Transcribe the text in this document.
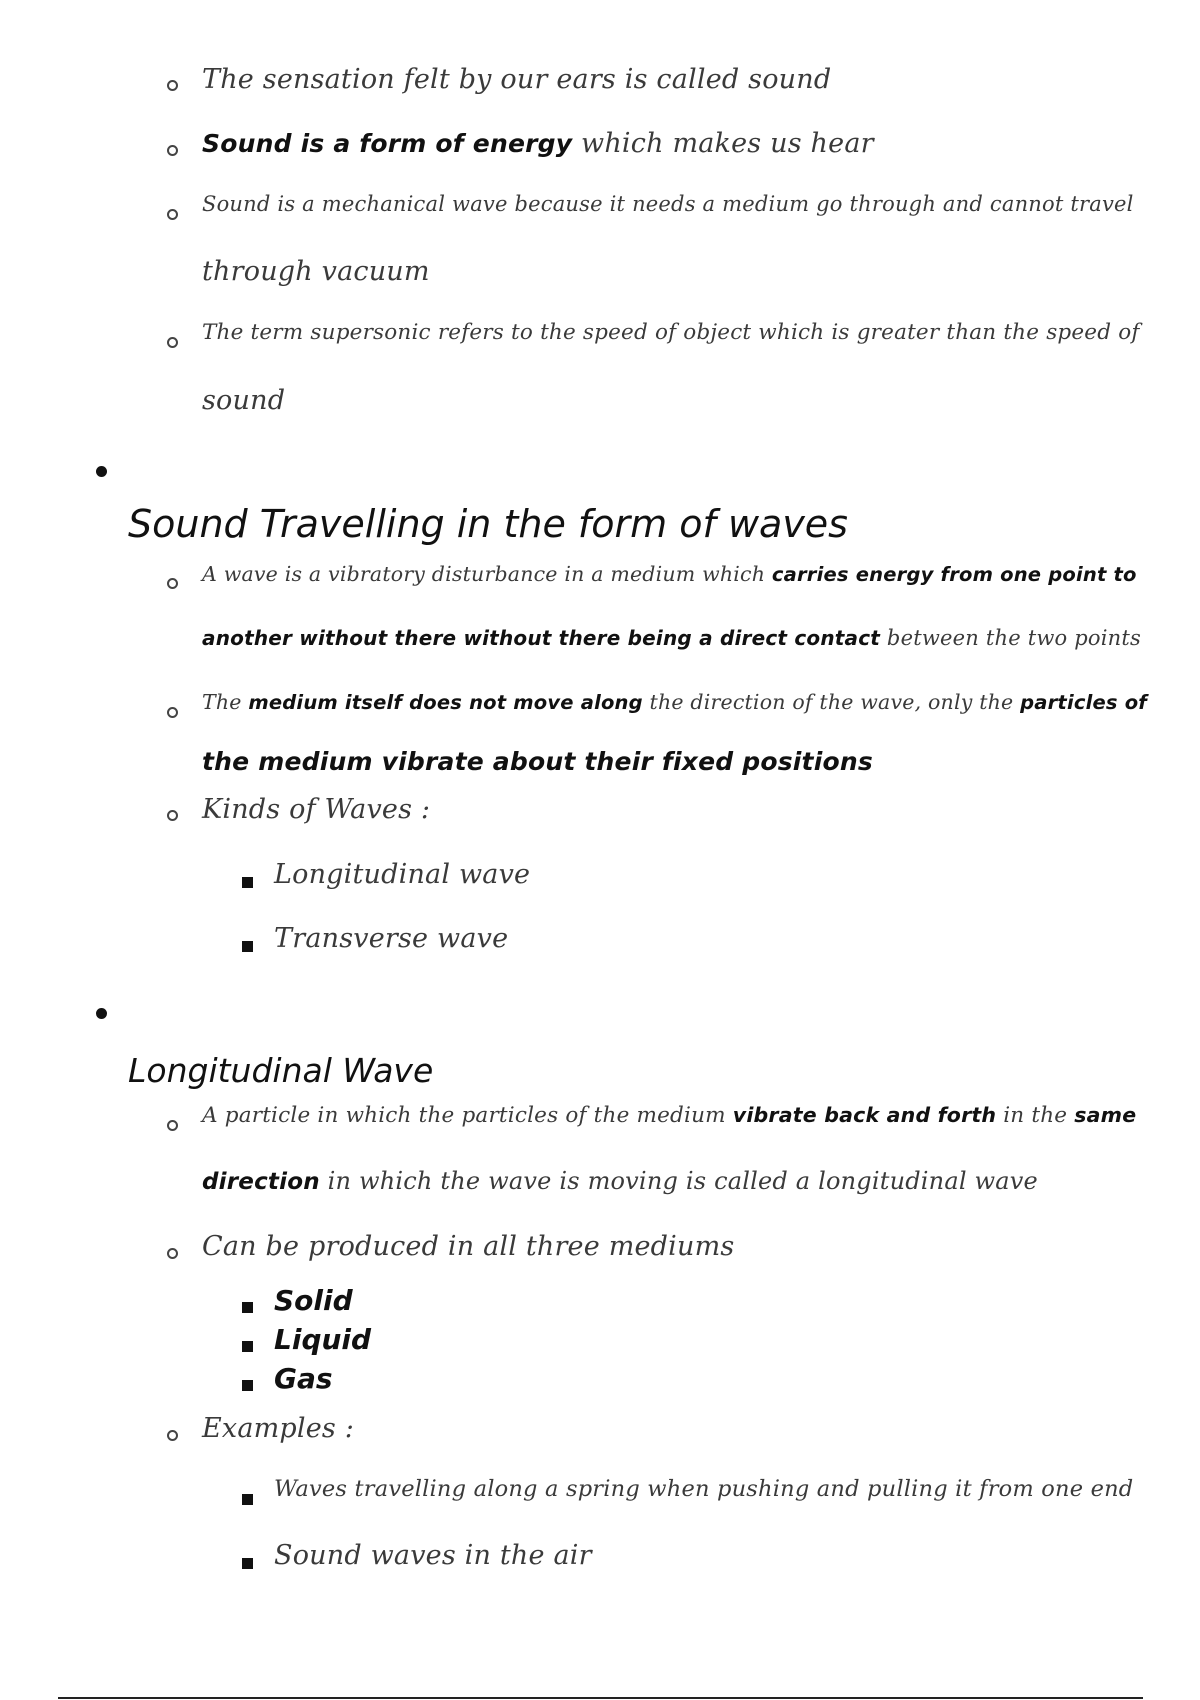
The sensation felt by our ears is called sound
Sound is a form of energy which makes us hear
Sound is a mechanical wave because it needs a medium go through and cannot travel
through vacuum
The term supersonic refers to the speed of object which is greater than the speed of
sound
Sound Travelling in the form of waves
A wave is a vibratory disturbance in a medium which carries energy from one point to
another without there without there being a direct contact between the two points
The medium itself does not move along the direction of the wave, only the particles of
the medium vibrate about their fixed positions
Kinds of Waves :
Longitudinal wave
Transverse wave
Longitudinal Wave
A particle in which the particles of the medium vibrate back and forth in the same
direction in which the wave is moving is called a longitudinal wave
Can be produced in all three mediums
Solid
Liquid
Gas
Examples :
Waves travelling along a spring when pushing and pulling it from one end
Sound waves in the air
